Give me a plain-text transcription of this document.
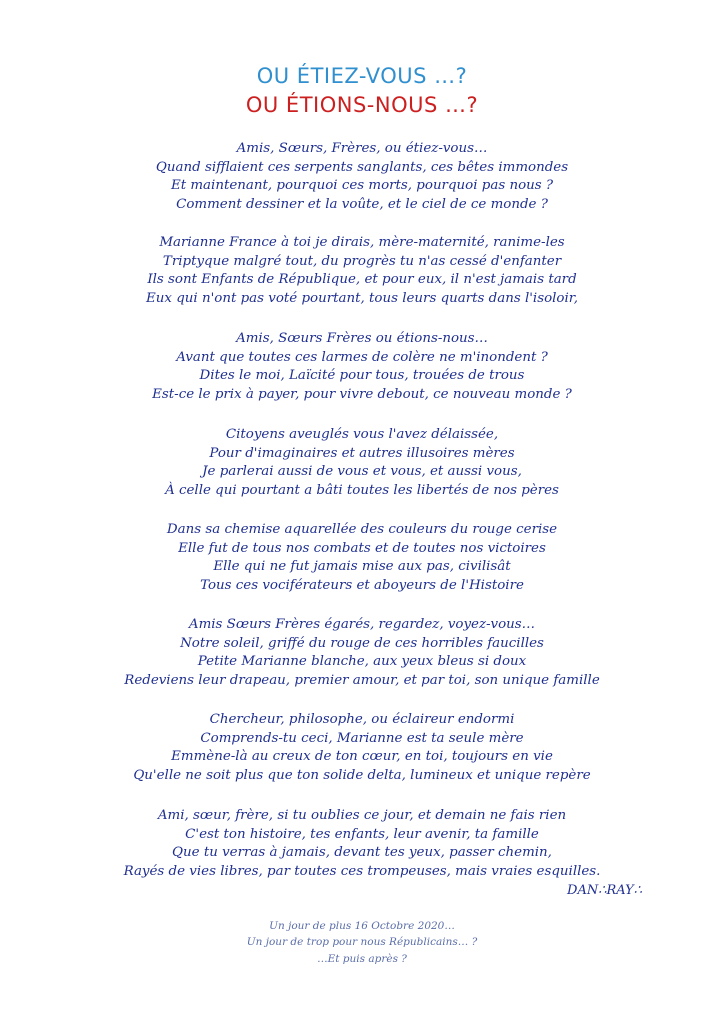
OU ÉTIEZ-VOUS …?
OU ÉTIONS-NOUS …?
Amis, Sœurs, Frères, ou étiez-vous…
Quand sifflaient ces serpents sanglants, ces bêtes immondes
Et maintenant, pourquoi ces morts, pourquoi pas nous ?
Comment dessiner et la voûte, et le ciel de ce monde ?
Marianne France à toi je dirais, mère-maternité, ranime-les
Triptyque malgré tout, du progrès tu n'as cessé d'enfanter
Ils sont Enfants de République, et pour eux, il n'est jamais tard
Eux qui n'ont pas voté pourtant, tous leurs quarts dans l'isoloir,
Amis, Sœurs Frères ou étions-nous…
Avant que toutes ces larmes de colère ne m'inondent ?
Dites le moi, Laïcité pour tous, trouées de trous
Est-ce le prix à payer, pour vivre debout, ce nouveau monde ?
Citoyens aveuglés vous l'avez délaissée,
Pour d'imaginaires et autres illusoires mères
Je parlerai aussi de vous et vous, et aussi vous,
À celle qui pourtant a bâti toutes les libertés de nos pères
Dans sa chemise aquarellée des couleurs du rouge cerise
Elle fut de tous nos combats et de toutes nos victoires
Elle qui ne fut jamais mise aux pas, civilisât
Tous ces vociférateurs et aboyeurs de l'Histoire
Amis Sœurs Frères égarés, regardez, voyez-vous…
Notre soleil, griffé du rouge de ces horribles faucilles
Petite Marianne blanche, aux yeux bleus si doux
Redeviens leur drapeau, premier amour, et par toi, son unique famille
Chercheur, philosophe, ou éclaireur endormi
Comprends-tu ceci, Marianne est ta seule mère
Emmène-là au creux de ton cœur, en toi, toujours en vie
Qu'elle ne soit plus que ton solide delta, lumineux et unique repère
Ami, sœur, frère, si tu oublies ce jour, et demain ne fais rien
C'est ton histoire, tes enfants, leur avenir, ta famille
Que tu verras à jamais, devant tes yeux, passer chemin,
Rayés de vies libres, par toutes ces trompeuses, mais vraies esquilles.
DAN∴RAY∴
Un jour de plus 16 Octobre 2020…
Un jour de trop pour nous Républicains… ?
…Et puis après ?
